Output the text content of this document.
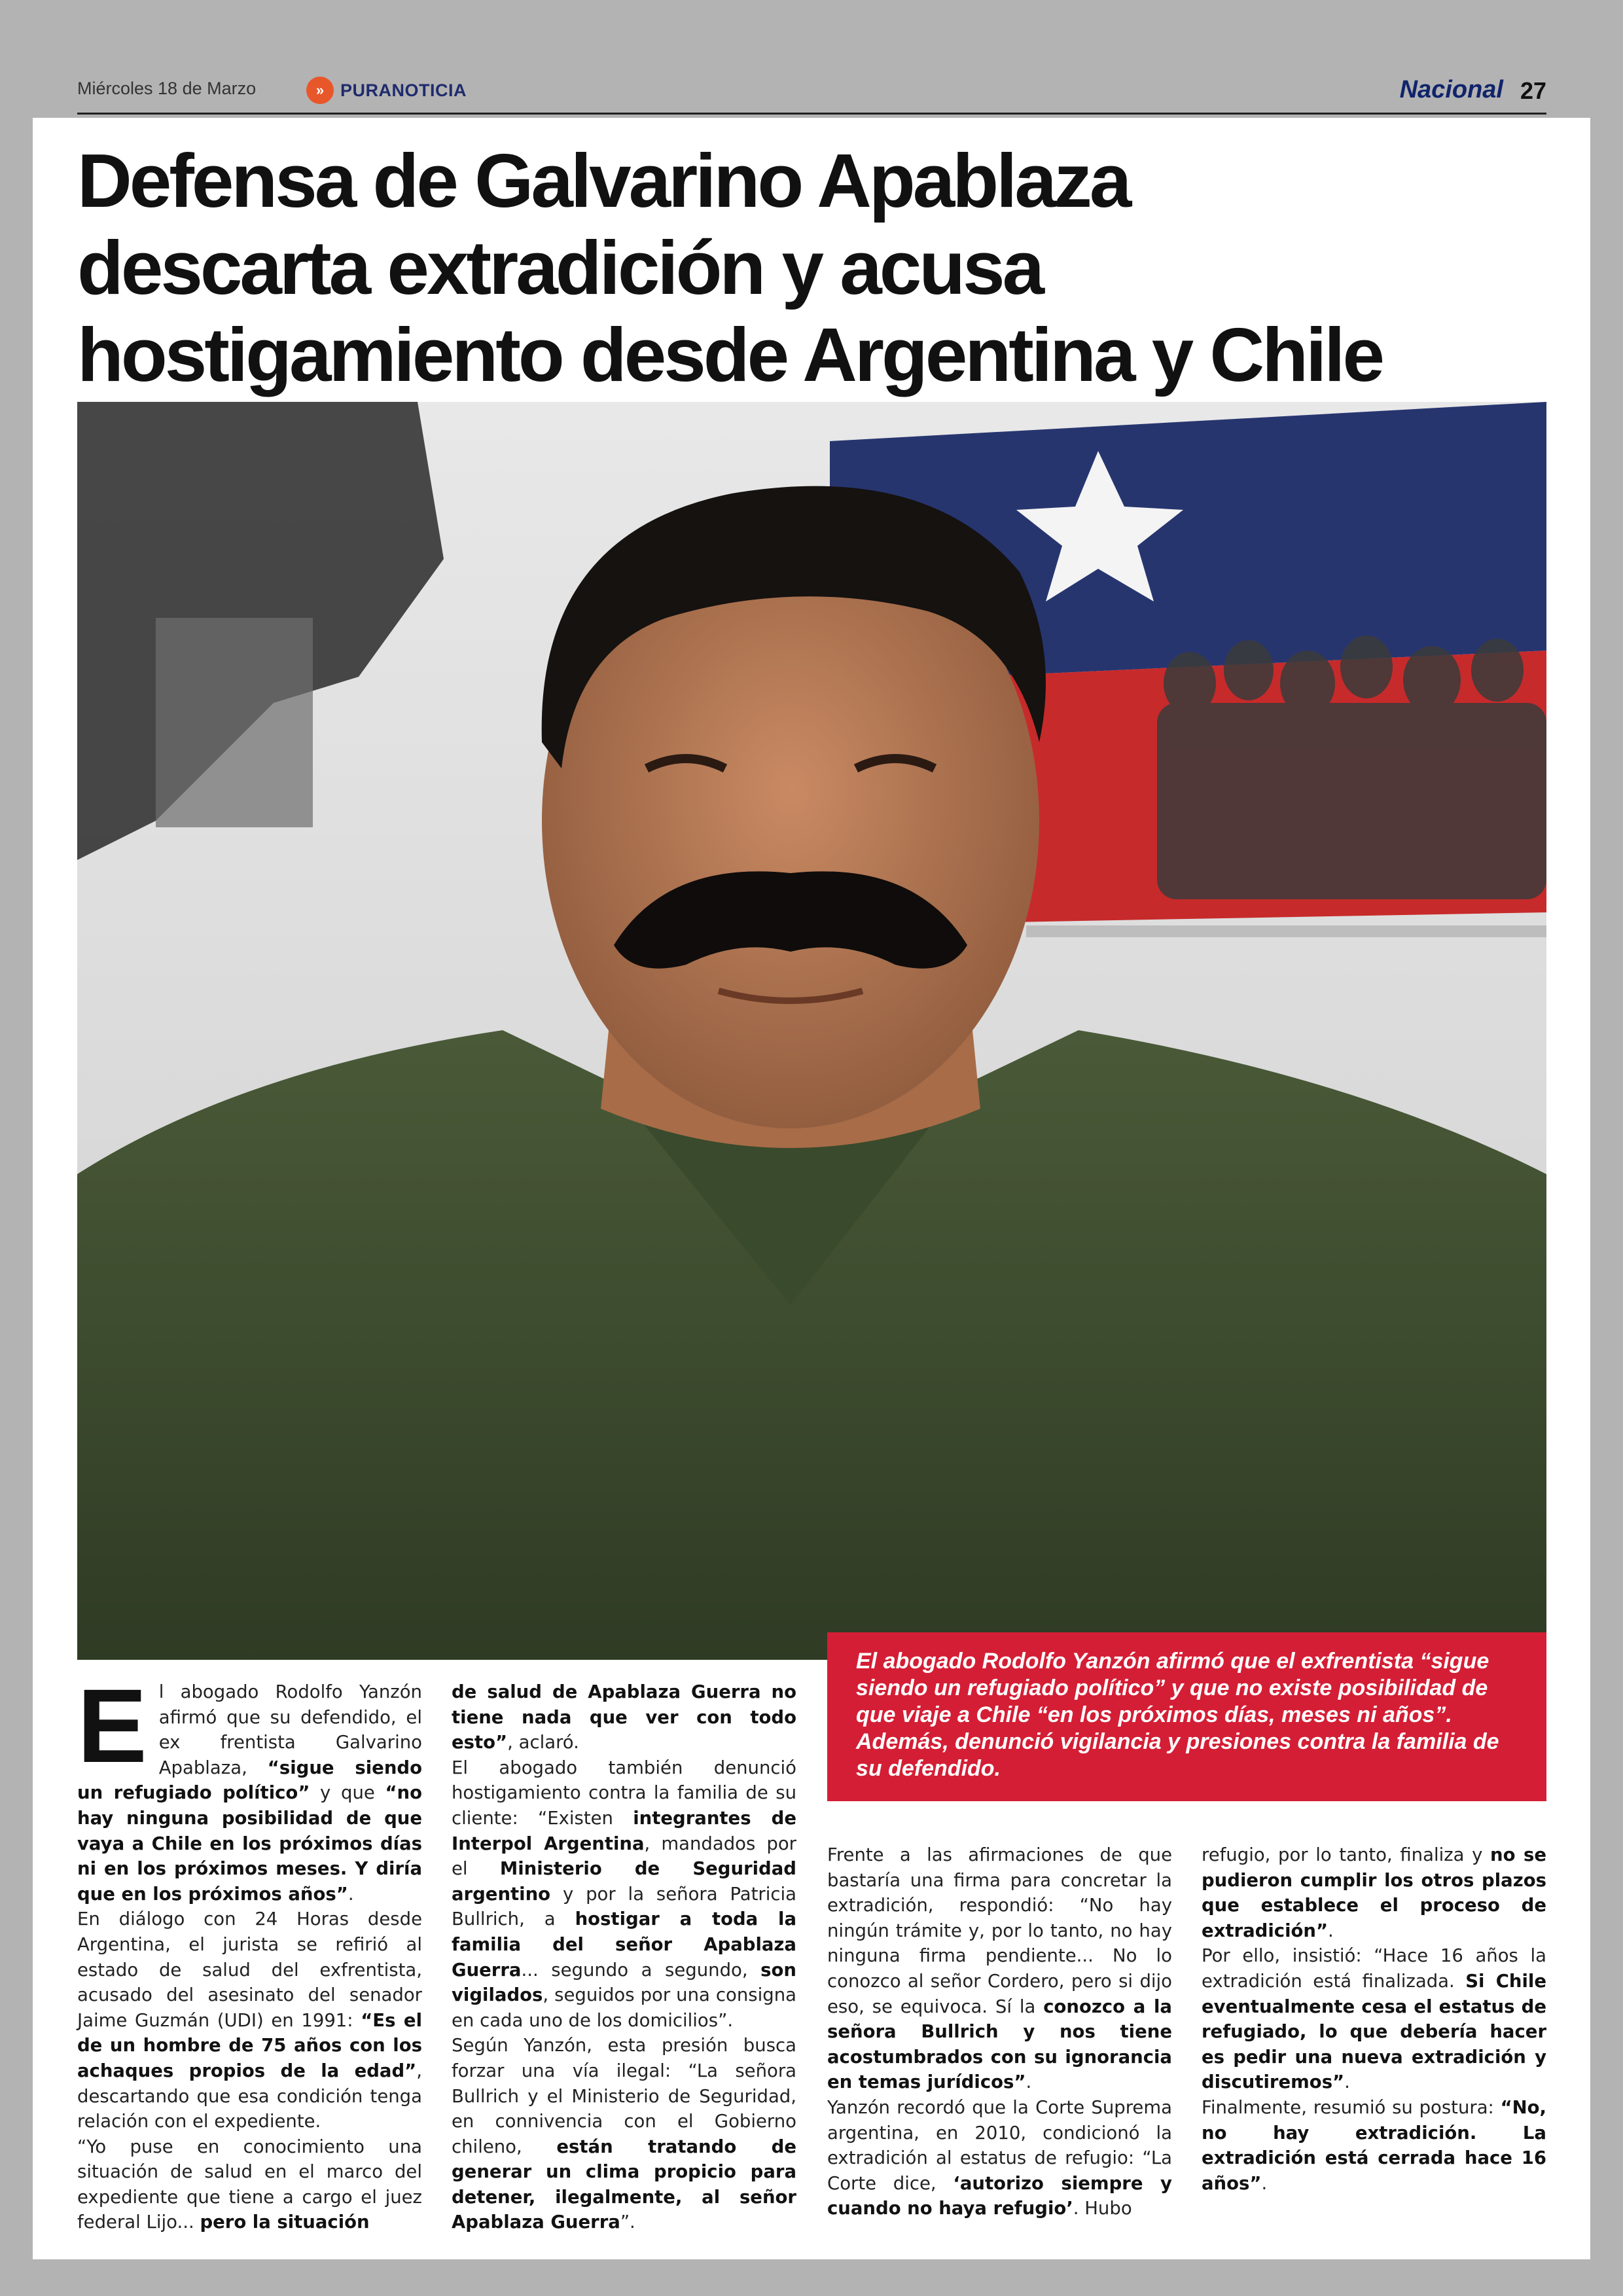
Miércoles 18 de Marzo	» PURANOTICIA	Nacional 27
Defensa de Galvarino Apablaza
descarta extradición y acusa
hostigamiento desde Argentina y Chile
El abogado Rodolfo Yanzón afirmó que el exfrentista “sigue siendo un refugiado político” y que no existe posibilidad de que viaje a Chile “en los próximos días, meses ni años”. Además, denunció vigilancia y presiones contra la familia de su defendido.
E l abogado Rodolfo Yanzón afirmó que su defendido, el ex frentista Galvarino Apablaza, “sigue siendo un refugiado político” y que “no hay ninguna posibilidad de que vaya a Chile en los próximos días ni en los próximos meses. Y diría que en los próximos años”.

En diálogo con 24 Horas desde Argentina, el jurista se refirió al estado de salud del exfrentista, acusado del asesinato del senador Jaime Guzmán (UDI) en 1991: “Es el de un hombre de 75 años con los achaques propios de la edad”, descartando que esa condición tenga relación con el expediente.

“Yo puse en conocimiento una situación de salud en el marco del expediente que tiene a cargo el juez federal Lijo... pero la situación

de salud de Apablaza Guerra no tiene nada que ver con todo esto”, aclaró.

El abogado también denunció hostigamiento contra la familia de su cliente: “Existen integrantes de Interpol Argentina, mandados por el Ministerio de Seguridad argentino y por la señora Patricia Bullrich, a hostigar a toda la familia del señor Apablaza Guerra... segundo a segundo, son vigilados, seguidos por una consigna en cada uno de los domicilios”.

Según Yanzón, esta presión busca forzar una vía ilegal: “La señora Bullrich y el Ministerio de Seguridad, en connivencia con el Gobierno chileno, están tratando de generar un clima propicio para detener, ilegalmente, al señor Apablaza Guerra”.

Frente a las afirmaciones de que bastaría una firma para concretar la extradición, respondió: “No hay ningún trámite y, por lo tanto, no hay ninguna firma pendiente... No lo conozco al señor Cordero, pero si dijo eso, se equivoca. Sí la conozco a la señora Bullrich y nos tiene acostumbrados con su ignorancia en temas jurídicos”.

Yanzón recordó que la Corte Suprema argentina, en 2010, condicionó la extradición al estatus de refugio: “La Corte dice, ‘autorizo siempre y cuando no haya refugio’. Hubo

refugio, por lo tanto, finaliza y no se pudieron cumplir los otros plazos que establece el proceso de extradición”.

Por ello, insistió: “Hace 16 años la extradición está finalizada. Si Chile eventualmente cesa el estatus de refugiado, lo que debería hacer es pedir una nueva extradición y discutiremos”.

Finalmente, resumió su postura: “No, no hay extradición. La extradición está cerrada hace 16 años”.
